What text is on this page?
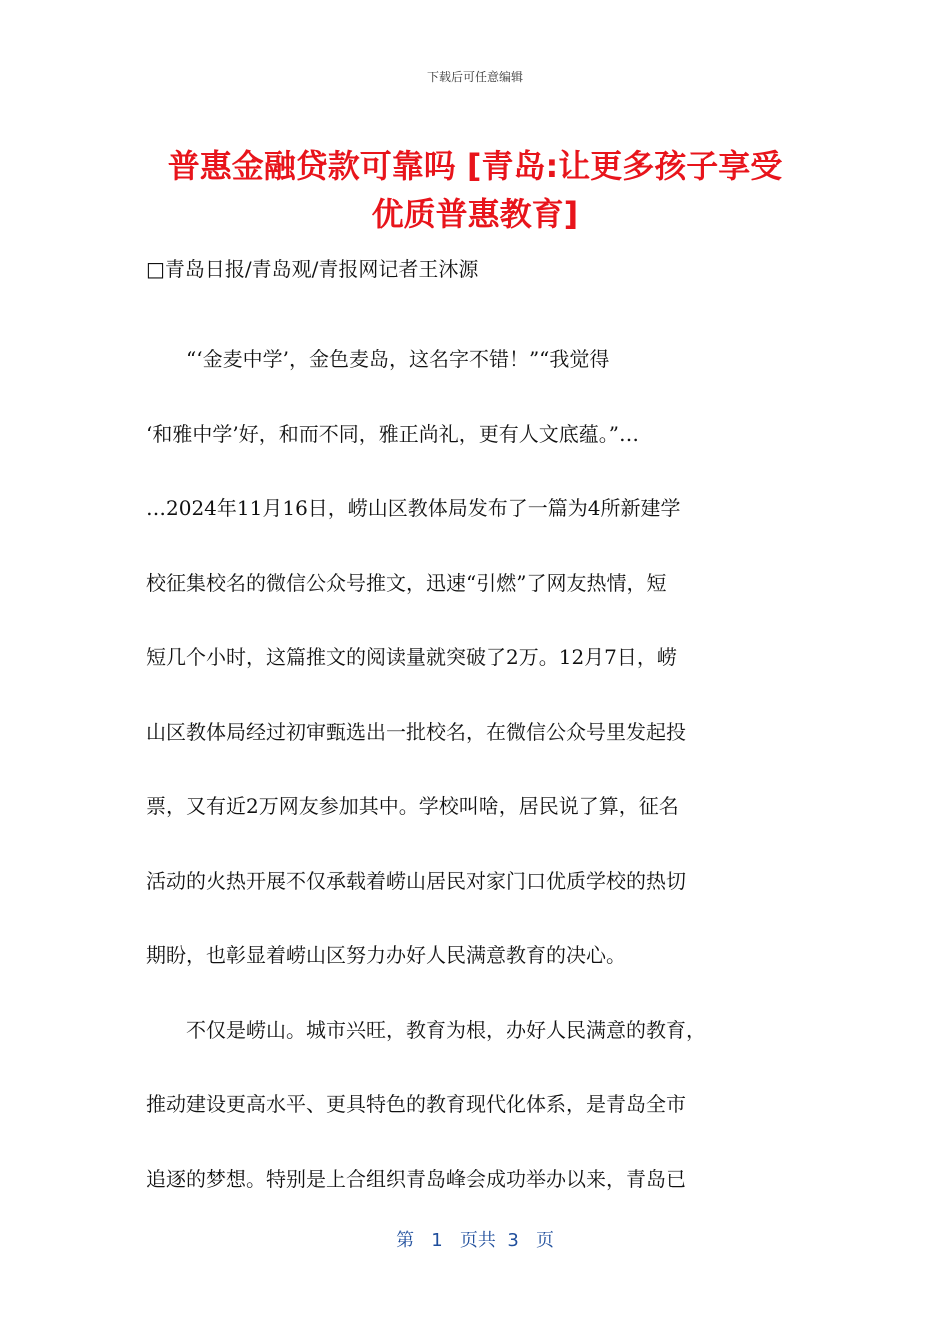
下载后可任意编辑
普惠金融贷款可靠吗 [青岛:让更多孩子享受
优质普惠教育]
□青岛日报/青岛观/青报网记者王沐源
　　“‘金麦中学’，金色麦岛，这名字不错！”“我觉得
‘和雅中学’好，和而不同，雅正尚礼，更有人文底蕴。”…
…2024年11月16日，崂山区教体局发布了一篇为4所新建学
校征集校名的微信公众号推文，迅速“引燃”了网友热情，短
短几个小时，这篇推文的阅读量就突破了2万。12月7日，崂
山区教体局经过初审甄选出一批校名，在微信公众号里发起投
票，又有近2万网友参加其中。学校叫啥，居民说了算，征名
活动的火热开展不仅承载着崂山居民对家门口优质学校的热切
期盼，也彰显着崂山区努力办好人民满意教育的决心。
　　不仅是崂山。城市兴旺，教育为根，办好人民满意的教育，
推动建设更高水平、更具特色的教育现代化体系，是青岛全市
追逐的梦想。特别是上合组织青岛峰会成功举办以来，青岛已
第 1 页共 3 页
